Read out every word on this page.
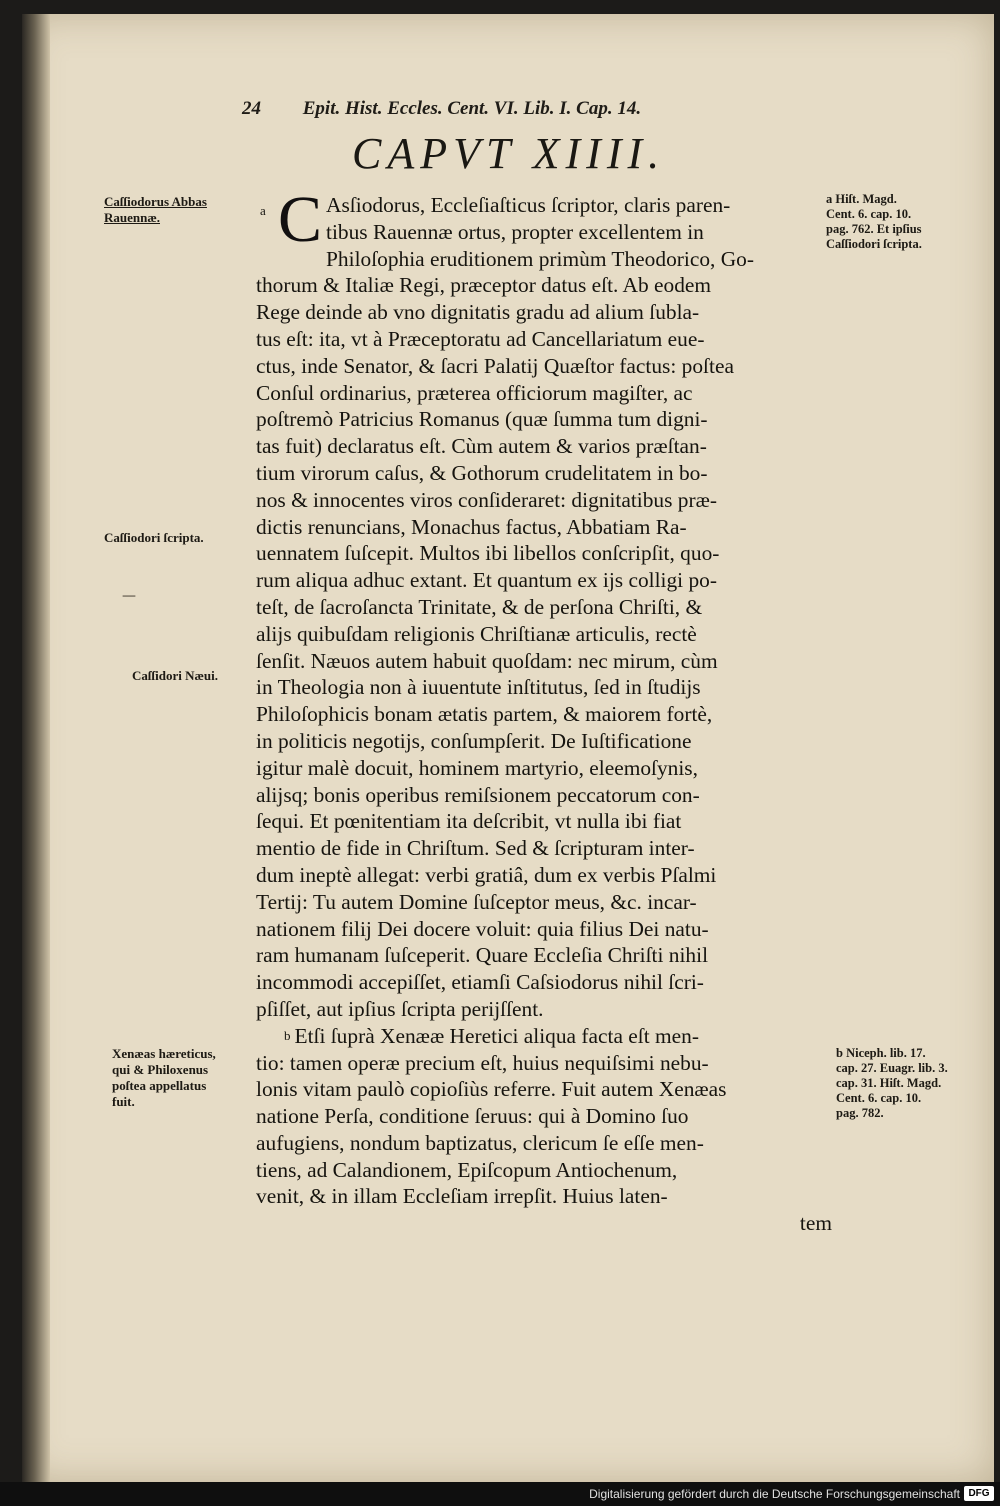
24 Epit. Hist. Eccles. Cent. VI. Lib. I. Cap. 14.
CAPVT XIIII.
Caſſiodorus Abbas
Rauennæ.
Caſſiodori ſcripta.
Caſſidori Næui.
Xenæas hæreticus,
qui & Philoxenus
poſtea appellatus
fuit.
—
a Hiſt. Magd.
Cent. 6. cap. 10.
pag. 762. Et ipſius
Caſſiodori ſcripta.
b Niceph. lib. 17.
cap. 27. Euagr. lib. 3.
cap. 31. Hiſt. Magd.
Cent. 6. cap. 10.
pag. 782.
C Asſiodorus, Eccleſiaſticus ſcriptor, claris paren-
tibus Rauennæ ortus, propter excellentem in
Philoſophia eruditionem primùm Theodorico, Go-
thorum & Italiæ Regi, præceptor datus eſt. Ab eodem
Rege deinde ab vno dignitatis gradu ad alium ſubla-
tus eſt: ita, vt à Præceptoratu ad Cancellariatum eue-
ctus, inde Senator, & ſacri Palatij Quæſtor factus: poſtea
Conſul ordinarius, præterea officiorum magiſter, ac
poſtremò Patricius Romanus (quæ ſumma tum digni-
tas fuit) declaratus eſt. Cùm autem & varios præſtan-
tium virorum caſus, & Gothorum crudelitatem in bo-
nos & innocentes viros conſideraret: dignitatibus præ-
dictis renuncians, Monachus factus, Abbatiam Ra-
uennatem ſuſcepit. Multos ibi libellos conſcripſit, quo-
rum aliqua adhuc extant. Et quantum ex ijs colligi po-
teſt, de ſacroſancta Trinitate, & de perſona Chriſti, &
alijs quibuſdam religionis Chriſtianæ articulis, rectè
ſenſit. Næuos autem habuit quoſdam: nec mirum, cùm
in Theologia non à iuuentute inſtitutus, ſed in ſtudijs
Philoſophicis bonam ætatis partem, & maiorem fortè,
in politicis negotijs, conſumpſerit. De Iuſtificatione
igitur malè docuit, hominem martyrio, eleemoſynis,
alijsq; bonis operibus remiſsionem peccatorum con-
ſequi. Et pœnitentiam ita deſcribit, vt nulla ibi fiat
mentio de fide in Chriſtum. Sed & ſcripturam inter-
dum ineptè allegat: verbi gratiâ, dum ex verbis Pſalmi
Tertij: Tu autem Domine ſuſceptor meus, &c. incar-
nationem filij Dei docere voluit: quia filius Dei natu-
ram humanam ſuſceperit. Quare Eccleſia Chriſti nihil
incommodi accepiſſet, etiamſi Caſsiodorus nihil ſcri-
pſiſſet, aut ipſius ſcripta perijſſent.
a
$^b$ Etſi ſuprà Xenææ Heretici aliqua facta eſt men-
tio: tamen operæ precium eſt, huius nequiſsimi nebu-
lonis vitam paulò copioſiùs referre. Fuit autem Xenæas
natione Perſa, conditione ſeruus: qui à Domino ſuo
aufugiens, nondum baptizatus, clericum ſe eſſe men-
tiens, ad Calandionem, Epiſcopum Antiochenum,
venit, & in illam Eccleſiam irrepſit. Huius laten-
tem
Digitalisierung gefördert durch die Deutsche Forschungsgemeinschaft DFG
